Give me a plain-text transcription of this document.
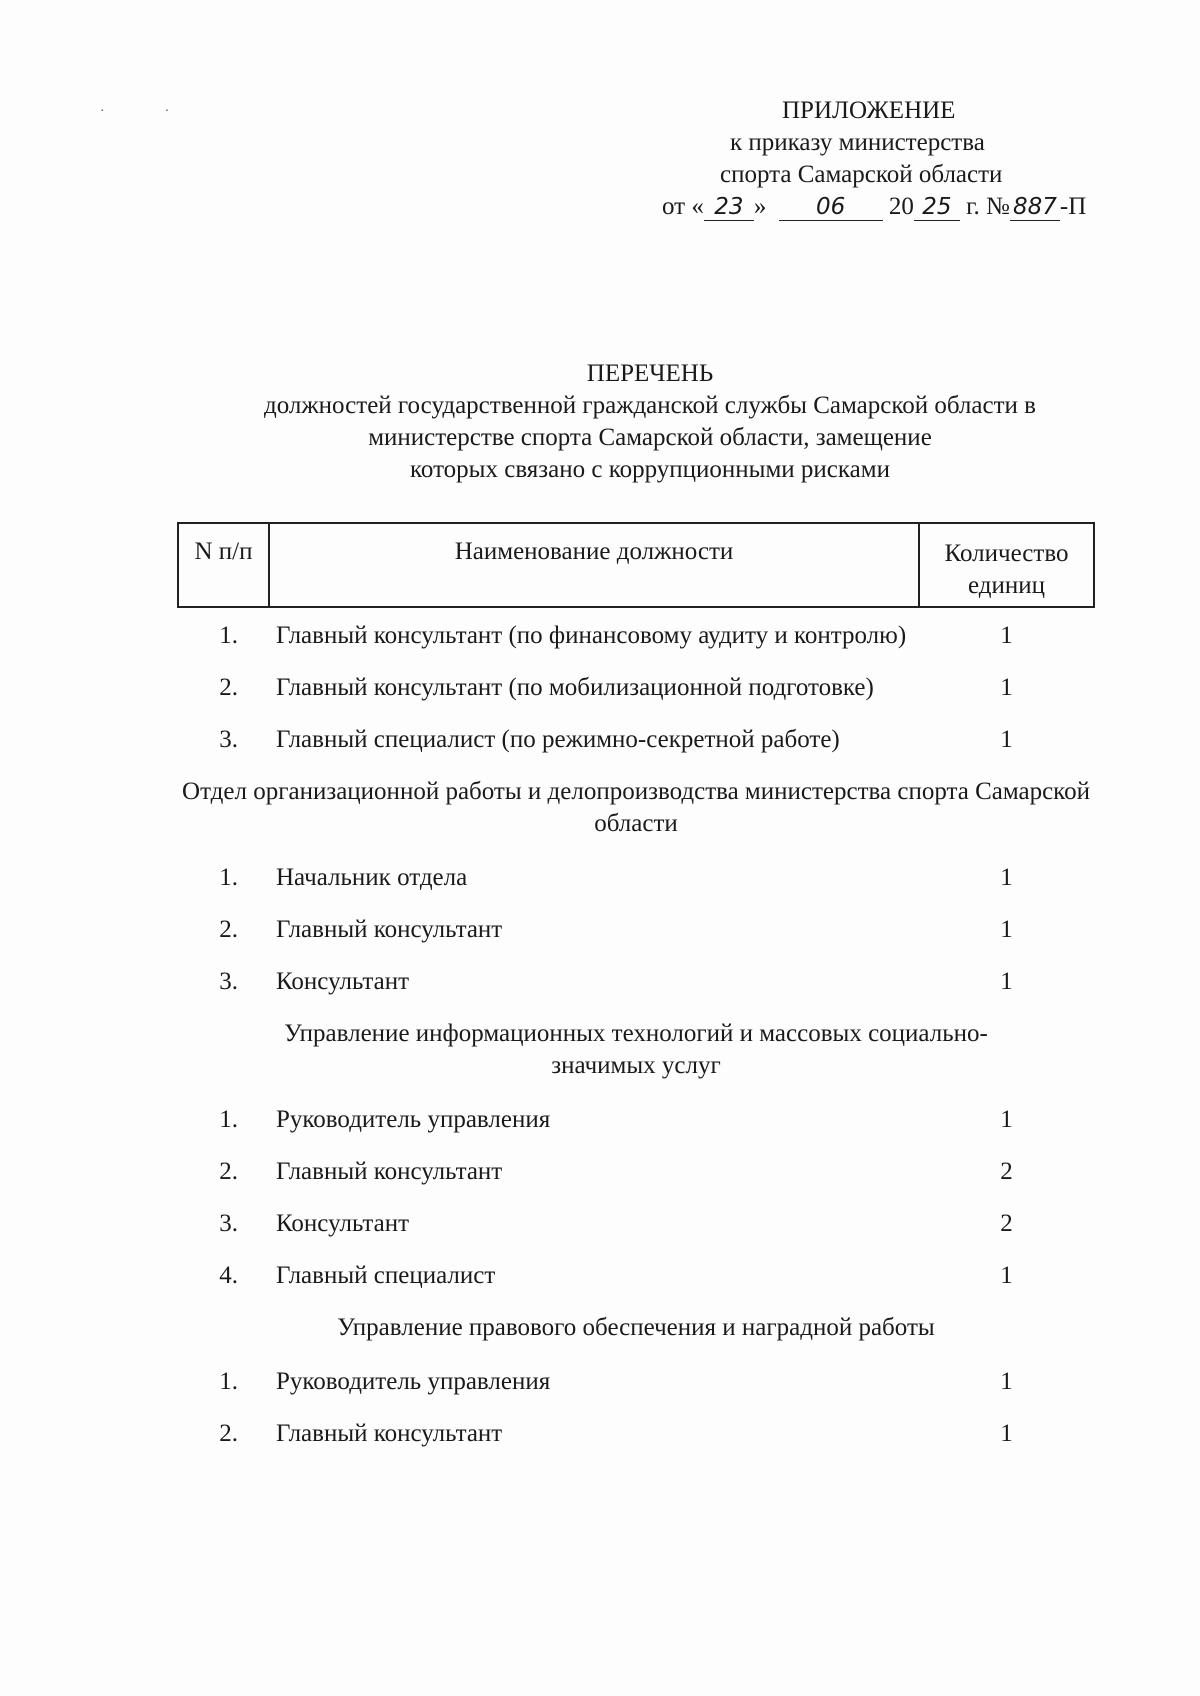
··	ПРИЛОЖЕНИЕ
к приказу министерства
спорта Самарской области
от « 23 » 06 20 25 г. № 887 -П
ПЕРЕЧЕНЬ
должностей государственной гражданской службы Самарской области в
министерстве спорта Самарской области, замещение
которых связано с коррупционными рисками
N п/п	Наименование должности	Количество
единиц
1.	Главный консультант (по финансовому аудиту и контролю)	1
2.	Главный консультант (по мобилизационной подготовке)	1
3.	Главный специалист (по режимно-секретной работе)	1
Отдел организационной работы и делопроизводства министерства спорта Самарской области
1.	Начальник отдела	1
2.	Главный консультант	1
3.	Консультант	1
Управление информационных технологий и массовых социально-
значимых услуг
1.	Руководитель управления	1
2.	Главный консультант	2
3.	Консультант	2
4.	Главный специалист	1
Управление правового обеспечения и наградной работы
1.	Руководитель управления	1
2.	Главный консультант	1
